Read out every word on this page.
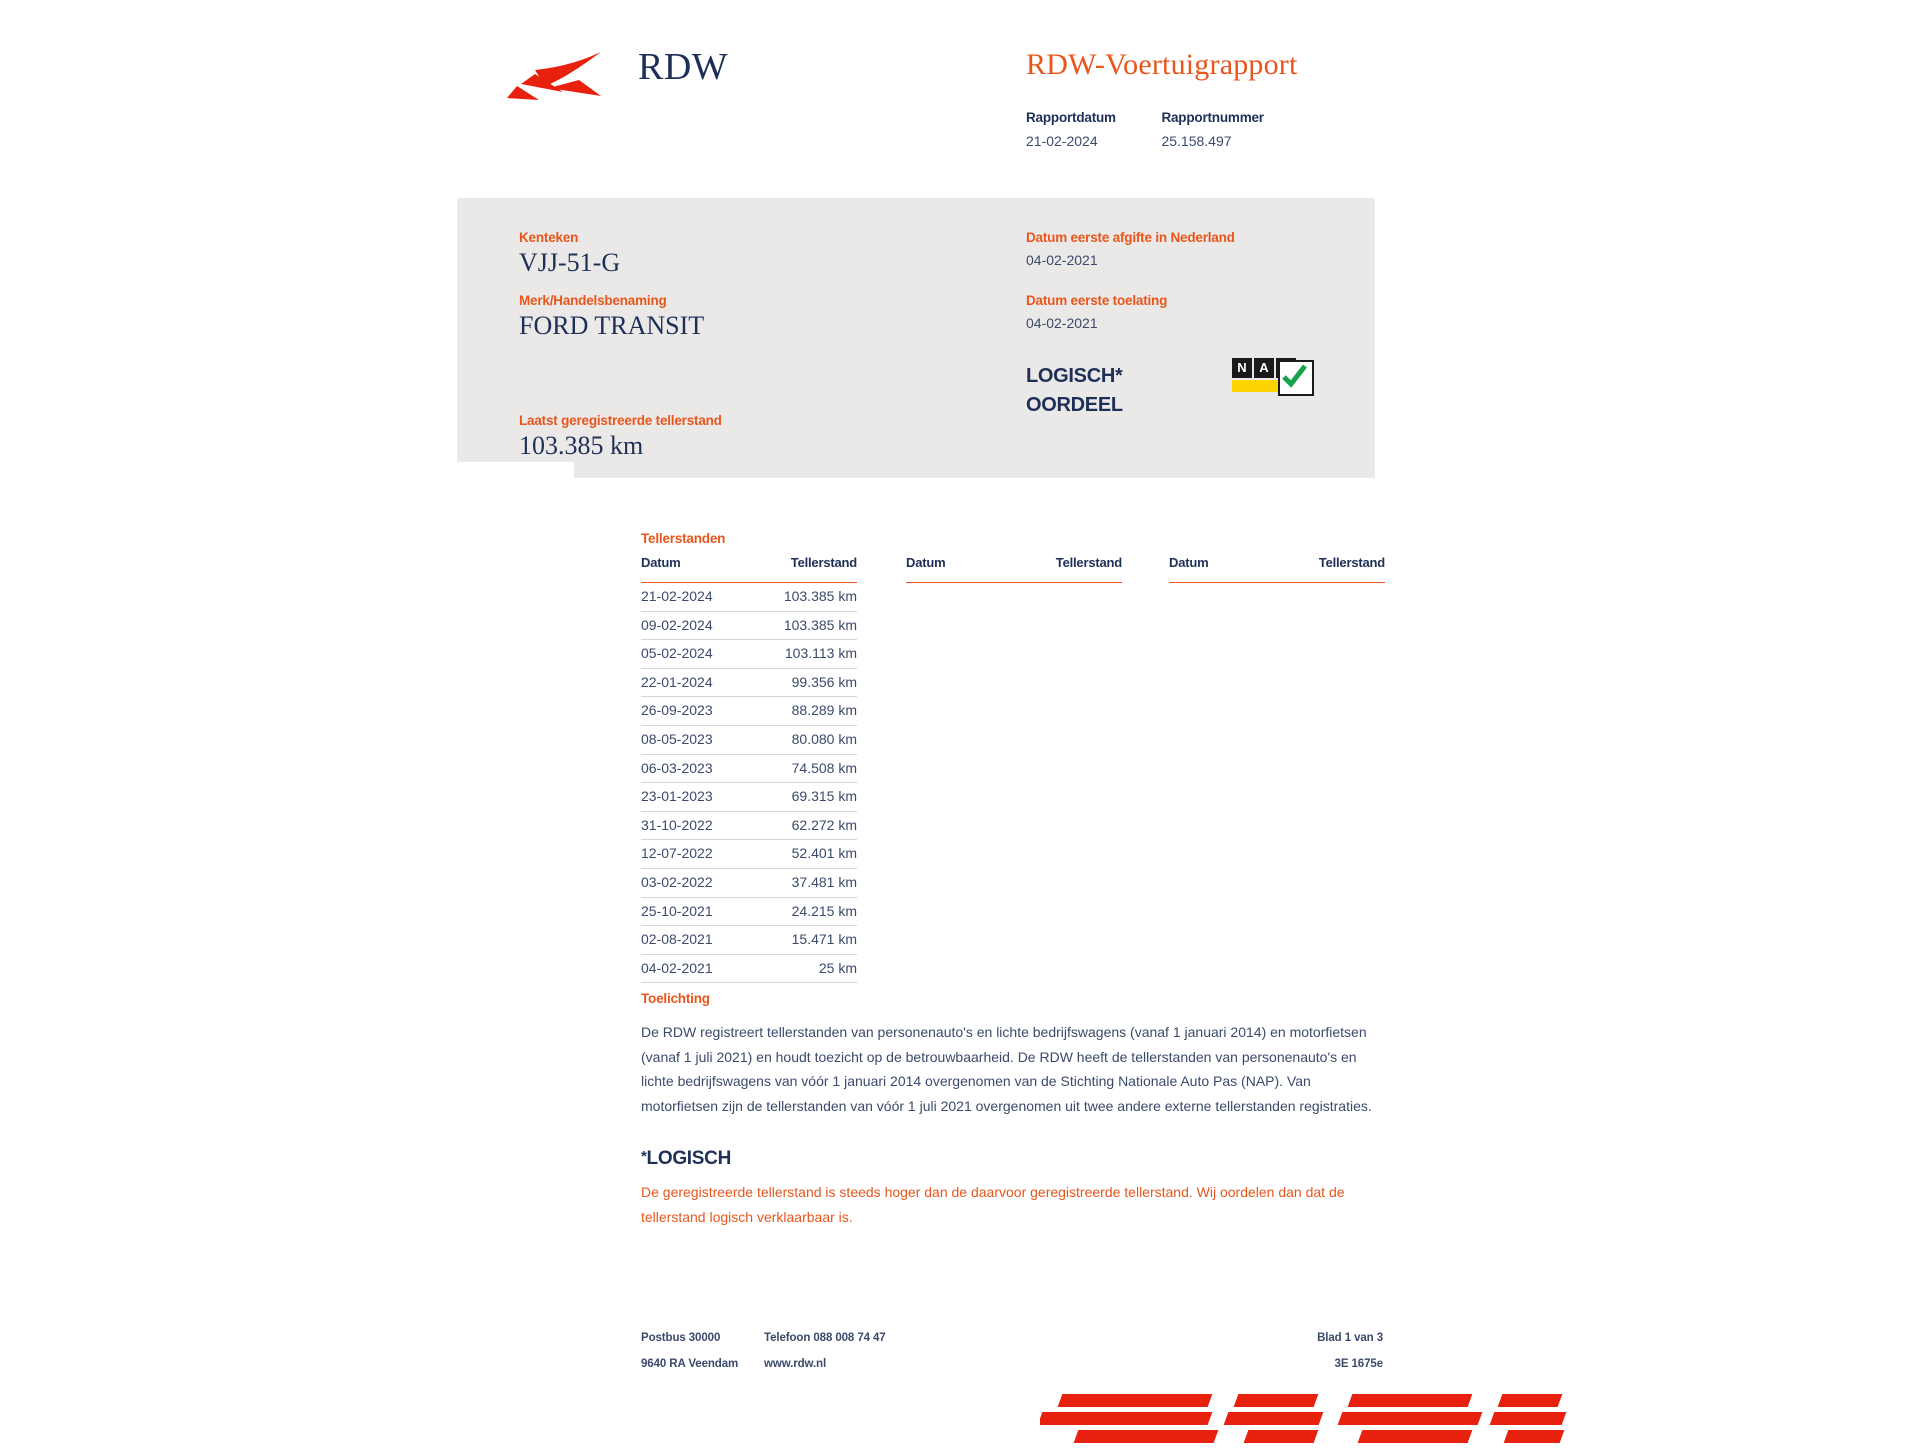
RDW	RDW-Voertuigrapport
Rapportdatum
21-02-2024

Rapportnummer
25.158.497
Kenteken
VJJ-51-G
Merk/Handelsbenaming
FORD TRANSIT
Laatst geregistreerde tellerstand
103.385 km
Datum eerste afgifte in Nederland
04-02-2021
Datum eerste toelating
04-02-2021
LOGISCH*
OORDEEL
N A
Tellerstanden
Datum	Tellerstand
21-02-2024	103.385 km
09-02-2024	103.385 km
05-02-2024	103.113 km
22-01-2024	99.356 km
26-09-2023	88.289 km
08-05-2023	80.080 km
06-03-2023	74.508 km
23-01-2023	69.315 km
31-10-2022	62.272 km
12-07-2022	52.401 km
03-02-2022	37.481 km
25-10-2021	24.215 km
02-08-2021	15.471 km
04-02-2021	25 km
Datum	Tellerstand	Datum	Tellerstand
Toelichting
De RDW registreert tellerstanden van personenauto's en lichte bedrijfswagens (vanaf 1 januari 2014) en motorfietsen (vanaf 1 juli 2021) en houdt toezicht op de betrouwbaarheid. De RDW heeft de tellerstanden van personenauto's en lichte bedrijfswagens van vóór 1 januari 2014 overgenomen van de Stichting Nationale Auto Pas (NAP). Van motorfietsen zijn de tellerstanden van vóór 1 juli 2021 overgenomen uit twee andere externe tellerstanden registraties.
*LOGISCH
De geregistreerde tellerstand is steeds hoger dan de daarvoor geregistreerde tellerstand. Wij oordelen dan dat de tellerstand logisch verklaarbaar is.
Postbus 30000	Telefoon 088 008 74 47	Blad 1 van 3
9640 RA Veendam www.rdw.nl	3E 1675e
